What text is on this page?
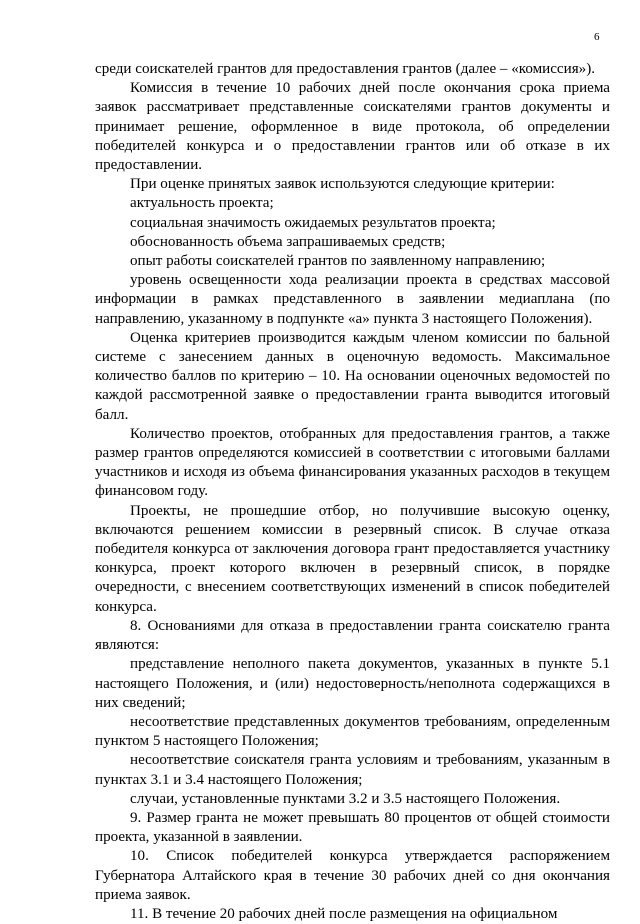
6

среди соискателей грантов для предоставления грантов (далее – «комиссия»).

Комиссия в течение 10 рабочих дней после окончания срока приема заявок рассматривает представленные соискателями грантов документы и принимает решение, оформленное в виде протокола, об определении победителей конкурса и о предоставлении грантов или об отказе в их предоставлении.

При оценке принятых заявок используются следующие критерии:

актуальность проекта;

социальная значимость ожидаемых результатов проекта;

обоснованность объема запрашиваемых средств;

опыт работы соискателей грантов по заявленному направлению;

уровень освещенности хода реализации проекта в средствах массовой информации в рамках представленного в заявлении медиаплана (по направлению, указанному в подпункте «а» пункта 3 настоящего Положения).

Оценка критериев производится каждым членом комиссии по бальной системе с занесением данных в оценочную ведомость. Максимальное количество баллов по критерию – 10. На основании оценочных ведомостей по каждой рассмотренной заявке о предоставлении гранта выводится итоговый балл.

Количество проектов, отобранных для предоставления грантов, а также размер грантов определяются комиссией в соответствии с итоговыми баллами участников и исходя из объема финансирования указанных расходов в текущем финансовом году.

Проекты, не прошедшие отбор, но получившие высокую оценку, включаются решением комиссии в резервный список. В случае отказа победителя конкурса от заключения договора грант предоставляется участнику конкурса, проект которого включен в резервный список, в порядке очередности, с внесением соответствующих изменений в список победителей конкурса.

8. Основаниями для отказа в предоставлении гранта соискателю гранта являются:

представление неполного пакета документов, указанных в пункте 5.1 настоящего Положения, и (или) недостоверность/неполнота содержащихся в них сведений;

несоответствие представленных документов требованиям, определенным пунктом 5 настоящего Положения;

несоответствие соискателя гранта условиям и требованиям, указанным в пунктах 3.1 и 3.4 настоящего Положения;

случаи, установленные пунктами 3.2 и 3.5 настоящего Положения.

9. Размер гранта не может превышать 80 процентов от общей стоимости проекта, указанной в заявлении.

10. Список победителей конкурса утверждается распоряжением Губернатора Алтайского края в течение 30 рабочих дней со дня окончания приема заявок.

11. В течение 20 рабочих дней после размещения на официальном
